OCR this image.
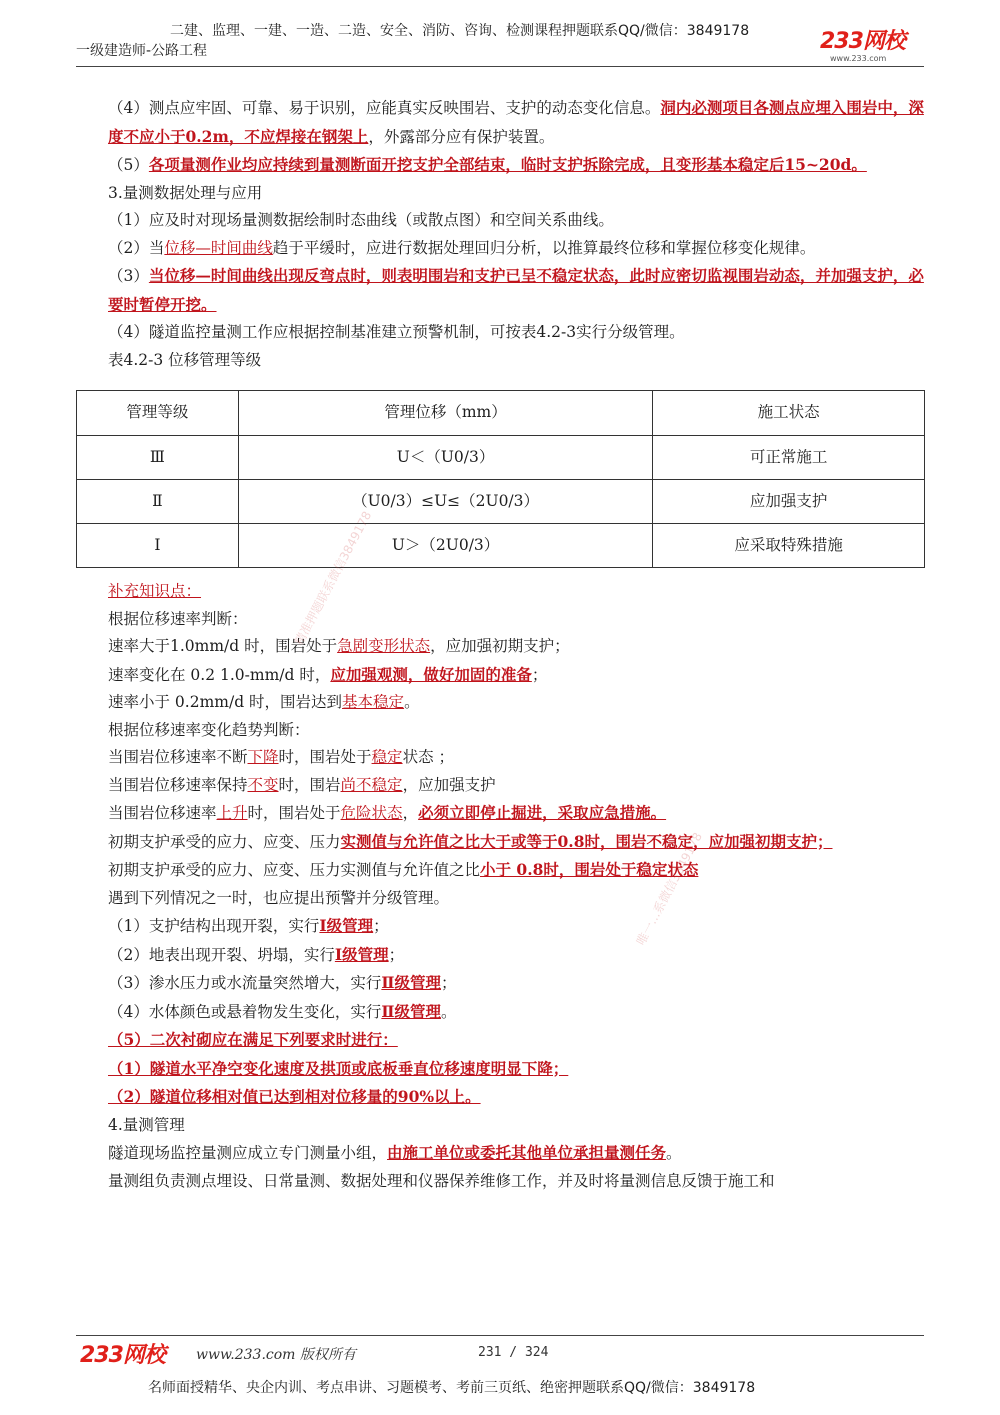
二建、监理、一建、一造、二造、安全、消防、咨询、检测课程押题联系QQ/微信：3849178
一级建造师-公路工程	233网校
www.233.com

（4）测点应牢固、可靠、易于识别，应能真实反映围岩、支护的动态变化信息。洞内必测项目各测点应埋入围岩中，深度不应小于0.2m，不应焊接在钢架上，外露部分应有保护装置。

（5）各项量测作业均应持续到量测断面开挖支护全部结束，临时支护拆除完成，且变形基本稳定后15~20d。

3.量测数据处理与应用

（1）应及时对现场量测数据绘制时态曲线（或散点图）和空间关系曲线。

（2）当位移—时间曲线趋于平缓时，应进行数据处理回归分析，以推算最终位移和掌握位移变化规律。

（3）当位移—时间曲线出现反弯点时，则表明围岩和支护已呈不稳定状态，此时应密切监视围岩动态，并加强支护，必要时暂停开挖。

（4）隧道监控量测工作应根据控制基准建立预警机制，可按表4.2-3实行分级管理。

表4.2-3 位移管理等级

管理等级	管理位移（mm）	施工状态
Ⅲ	U＜（U0/3）	可正常施工
Ⅱ	（U0/3）≤U≤（2U0/3）	应加强支护
Ⅰ	U＞（2U0/3）	应采取特殊措施

补充知识点：

根据位移速率判断：

速率大于1.0mm/d 时，围岩处于急剧变形状态，应加强初期支护；

速率变化在 0.2 1.0-mm/d 时，应加强观测，做好加固的准备；

速率小于 0.2mm/d 时，围岩达到基本稳定。

根据位移速率变化趋势判断：

当围岩位移速率不断下降时，围岩处于稳定状态 ；

当围岩位移速率保持不变时，围岩尚不稳定，应加强支护

当围岩位移速率上升时，围岩处于危险状态，必须立即停止掘进，采取应急措施。

初期支护承受的应力、应变、压力实测值与允许值之比大于或等于0.8时，围岩不稳定，应加强初期支护；

初期支护承受的应力、应变、压力实测值与允许值之比小于 0.8时，围岩处于稳定状态

遇到下列情况之一时，也应提出预警并分级管理。

（1）支护结构出现开裂，实行Ⅰ级管理；

（2）地表出现开裂、坍塌，实行Ⅰ级管理；

（3）渗水压力或水流量突然增大，实行Ⅱ级管理；

（4）水体颜色或悬着物发生变化，实行Ⅱ级管理。

（5）二次衬砌应在满足下列要求时进行：

（1）隧道水平净空变化速度及拱顶或底板垂直位移速度明显下降；

（2）隧道位移相对值已达到相对位移量的90%以上。

4.量测管理

隧道现场监控量测应成立专门测量小组，由施工单位或委托其他单位承担量测任务。

量测组负责测点埋设、日常量测、数据处理和仪器保养维修工作，并及时将量测信息反馈于施工和

精准押题联系微信3849178
唯一…系微信3849178
233网校 www.233.com 版权所有	231 / 324
名师面授精华、央企内训、考点串讲、习题模考、考前三页纸、绝密押题联系QQ/微信：3849178
